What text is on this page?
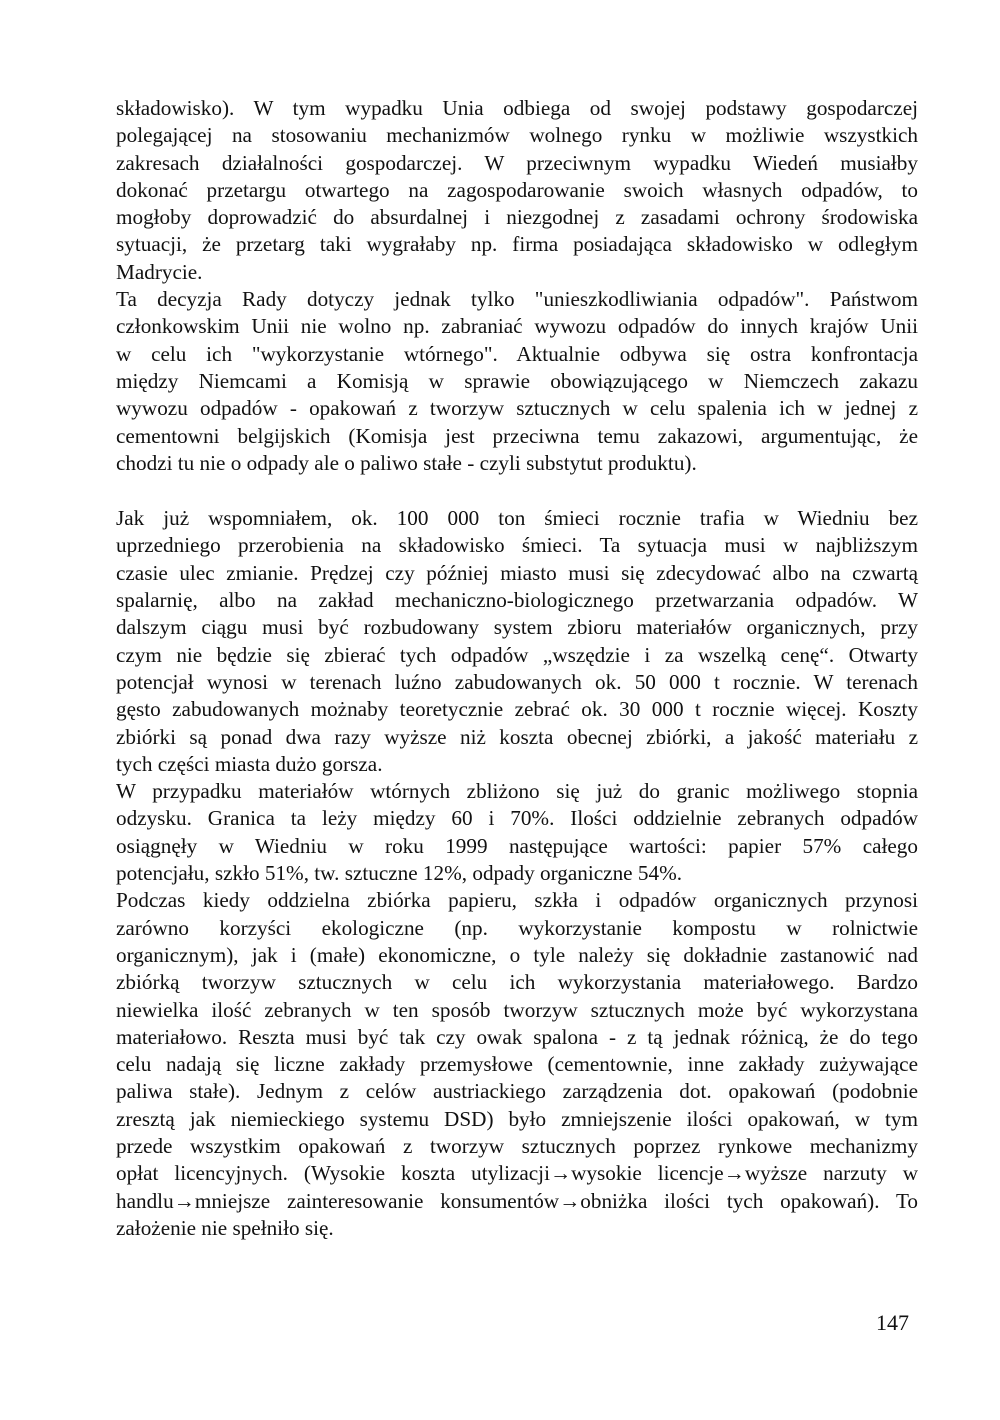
składowisko). W tym wypadku Unia odbiega od swojej podstawy gospodarczej
polegającej na stosowaniu mechanizmów wolnego rynku w możliwie wszystkich
zakresach działalności gospodarczej. W przeciwnym wypadku Wiedeń musiałby
dokonać przetargu otwartego na zagospodarowanie swoich własnych odpadów, to
mogłoby doprowadzić do absurdalnej i niezgodnej z zasadami ochrony środowiska
sytuacji, że przetarg taki wygrałaby np. firma posiadająca składowisko w odległym
Madrycie.
Ta decyzja Rady dotyczy jednak tylko "unieszkodliwiania odpadów". Państwom
członkowskim Unii nie wolno np. zabraniać wywozu odpadów do innych krajów Unii
w celu ich "wykorzystanie wtórnego". Aktualnie odbywa się ostra konfrontacja
między Niemcami a Komisją w sprawie obowiązującego w Niemczech zakazu
wywozu odpadów - opakowań z tworzyw sztucznych w celu spalenia ich w jednej z
cementowni belgijskich (Komisja jest przeciwna temu zakazowi, argumentując, że
chodzi tu nie o odpady ale o paliwo stałe - czyli substytut produktu).
Jak już wspomniałem, ok. 100 000 ton śmieci rocznie trafia w Wiedniu bez
uprzedniego przerobienia na składowisko śmieci. Ta sytuacja musi w najbliższym
czasie ulec zmianie. Prędzej czy później miasto musi się zdecydować albo na czwartą
spalarnię, albo na zakład mechaniczno-biologicznego przetwarzania odpadów. W
dalszym ciągu musi być rozbudowany system zbioru materiałów organicznych, przy
czym nie będzie się zbierać tych odpadów „wszędzie i za wszelką cenę“. Otwarty
potencjał wynosi w terenach luźno zabudowanych ok. 50 000 t rocznie. W terenach
gęsto zabudowanych możnaby teoretycznie zebrać ok. 30 000 t rocznie więcej. Koszty
zbiórki są ponad dwa razy wyższe niż koszta obecnej zbiórki, a jakość materiału z
tych części miasta dużo gorsza.
W przypadku materiałów wtórnych zbliżono się już do granic możliwego stopnia
odzysku. Granica ta leży między 60 i 70%. Ilości oddzielnie zebranych odpadów
osiągnęły w Wiedniu w roku 1999 następujące wartości: papier 57% całego
potencjału, szkło 51%, tw. sztuczne 12%, odpady organiczne 54%.
Podczas kiedy oddzielna zbiórka papieru, szkła i odpadów organicznych przynosi
zarówno korzyści ekologiczne (np. wykorzystanie kompostu w rolnictwie
organicznym), jak i (małe) ekonomiczne, o tyle należy się dokładnie zastanowić nad
zbiórką tworzyw sztucznych w celu ich wykorzystania materiałowego. Bardzo
niewielka ilość zebranych w ten sposób tworzyw sztucznych może być wykorzystana
materiałowo. Reszta musi być tak czy owak spalona - z tą jednak różnicą, że do tego
celu nadają się liczne zakłady przemysłowe (cementownie, inne zakłady zużywające
paliwa stałe). Jednym z celów austriackiego zarządzenia dot. opakowań (podobnie
zresztą jak niemieckiego systemu DSD) było zmniejszenie ilości opakowań, w tym
przede wszystkim opakowań z tworzyw sztucznych poprzez rynkowe mechanizmy
opłat licencyjnych. (Wysokie koszta utylizacji→wysokie licencje→wyższe narzuty w
handlu→mniejsze zainteresowanie konsumentów→obniżka ilości tych opakowań). To
założenie nie spełniło się.
147
